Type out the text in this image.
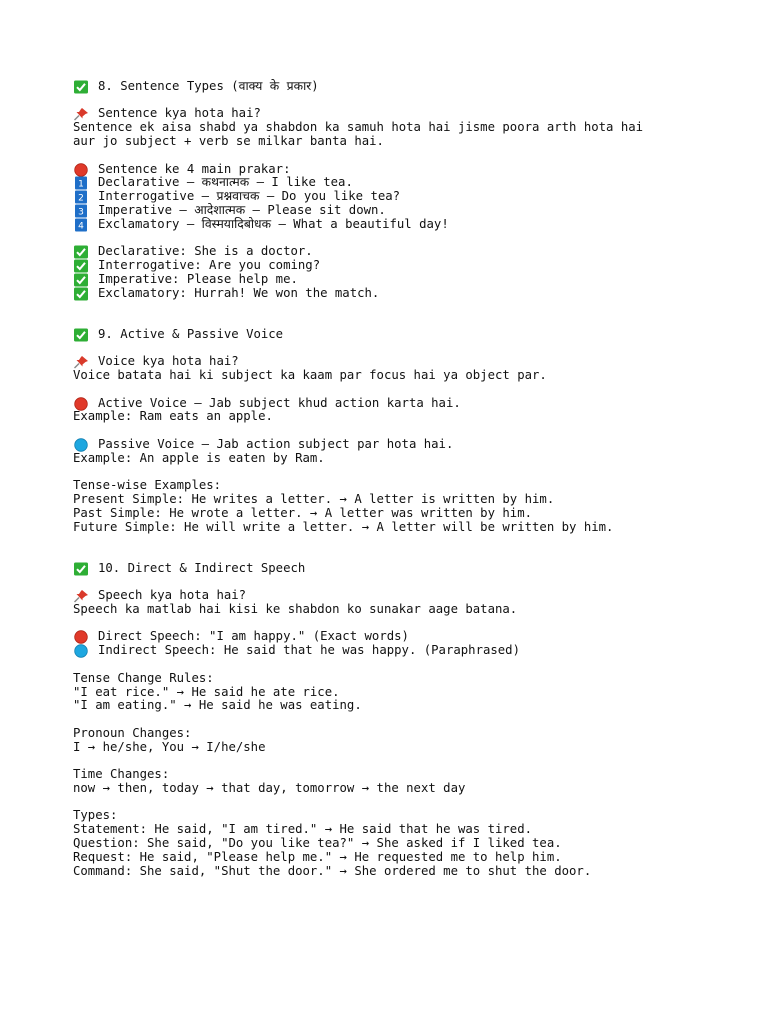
8. Sentence Types (वाक्य के प्रकार)
Sentence kya hota hai?
Sentence ek aisa shabd ya shabdon ka samuh hota hai jisme poora arth hota hai
aur jo subject + verb se milkar banta hai.
Sentence ke 4 main prakar:
1 Declarative – कथनात्मक – I like tea.
2 Interrogative – प्रश्नवाचक – Do you like tea?
3 Imperative – आदेशात्मक – Please sit down.
4 Exclamatory – विस्मयादिबोधक – What a beautiful day!
Declarative: She is a doctor.
Interrogative: Are you coming?
Imperative: Please help me.
Exclamatory: Hurrah! We won the match.
9. Active & Passive Voice
Voice kya hota hai?
Voice batata hai ki subject ka kaam par focus hai ya object par.
Active Voice – Jab subject khud action karta hai.
Example: Ram eats an apple.
Passive Voice – Jab action subject par hota hai.
Example: An apple is eaten by Ram.
Tense-wise Examples:
Present Simple: He writes a letter. → A letter is written by him.
Past Simple: He wrote a letter. → A letter was written by him.
Future Simple: He will write a letter. → A letter will be written by him.
10. Direct & Indirect Speech
Speech kya hota hai?
Speech ka matlab hai kisi ke shabdon ko sunakar aage batana.
Direct Speech: "I am happy." (Exact words)
Indirect Speech: He said that he was happy. (Paraphrased)
Tense Change Rules:
"I eat rice." → He said he ate rice.
"I am eating." → He said he was eating.
Pronoun Changes:
I → he/she, You → I/he/she
Time Changes:
now → then, today → that day, tomorrow → the next day
Types:
Statement: He said, "I am tired." → He said that he was tired.
Question: She said, "Do you like tea?" → She asked if I liked tea.
Request: He said, "Please help me." → He requested me to help him.
Command: She said, "Shut the door." → She ordered me to shut the door.
